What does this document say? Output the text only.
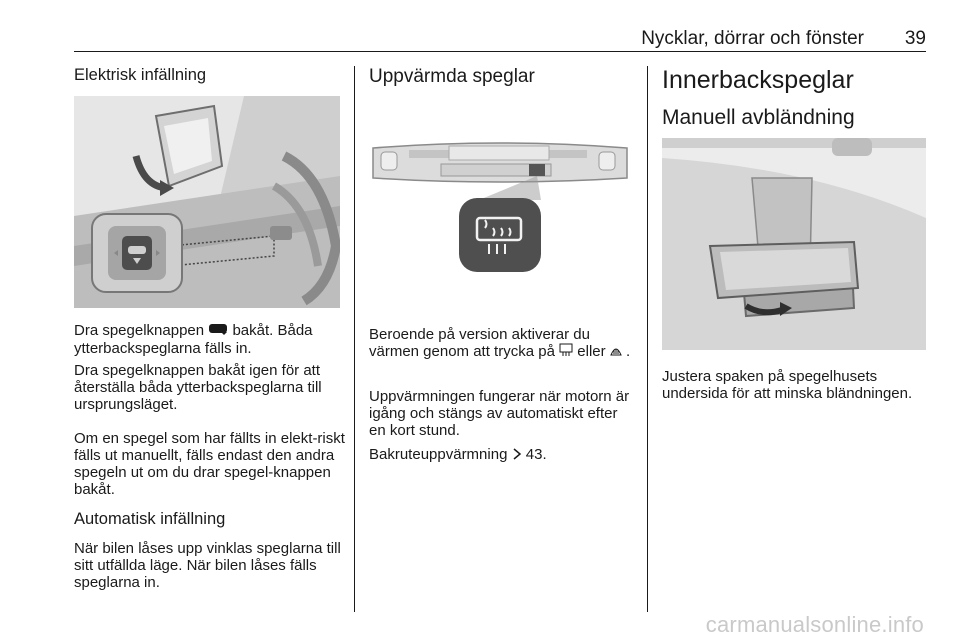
Nycklar, dörrar och fönster 39
Elektrisk infällning

Dra spegelknappen bakåt. Båda ytterbackspeglarna fälls in.

Dra spegelknappen bakåt igen för att återställa båda ytterbackspeglarna till ursprungsläget.

Om en spegel som har fällts in elekt-riskt fälls ut manuellt, fälls endast den andra spegeln ut om du drar spegel-knappen bakåt.

Automatisk infällning

När bilen låses upp vinklas speglarna till sitt utfällda läge. När bilen låses fälls speglarna in.

Uppvärmda speglar

Beroende på version aktiverar du värmen genom att trycka på eller .

Uppvärmningen fungerar när motorn är igång och stängs av automatiskt efter en kort stund.

Bakruteuppvärmning 43.

Innerbackspeglar
Manuell avbländning

Justera spaken på spegelhusets undersida för att minska bländningen.

carmanualsonline.info
